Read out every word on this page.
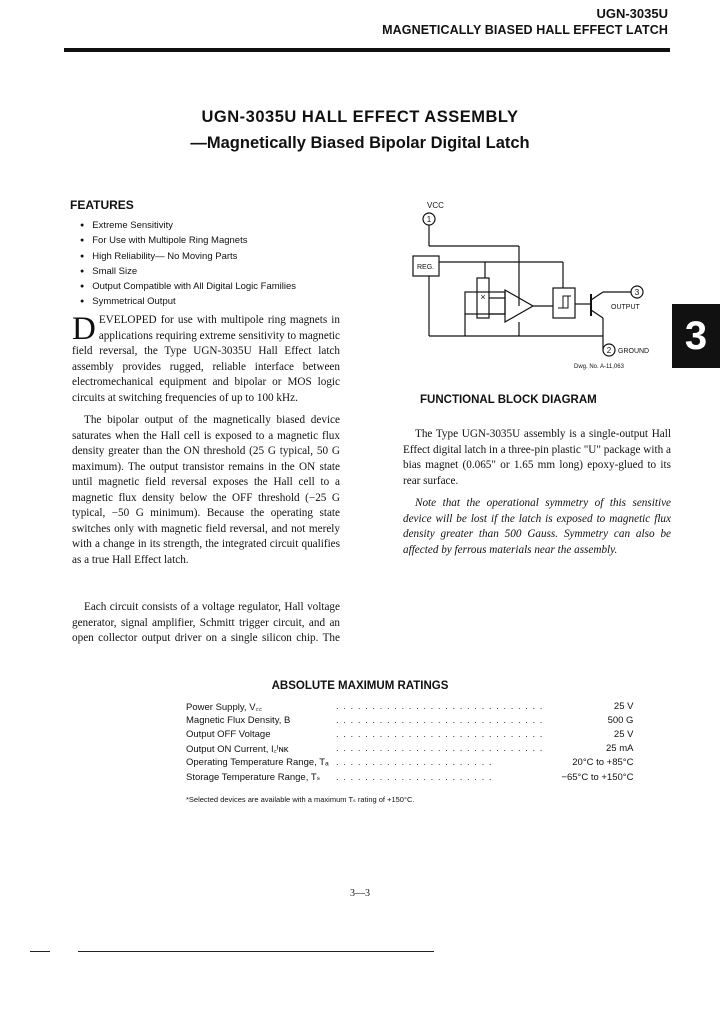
UGN-3035U
MAGNETICALLY BIASED HALL EFFECT LATCH
UGN-3035U HALL EFFECT ASSEMBLY
—Magnetically Biased Bipolar Digital Latch
FEATURES
● Extreme Sensitivity
● For Use with Multipole Ring Magnets
● High Reliability— No Moving Parts
● Small Size
● Output Compatible with All Digital Logic Families
● Symmetrical Output
3
VCC
1
REG.
×	3
OUTPUT
2 GROUND
Dwg. No. A-11,063
FUNCTIONAL BLOCK DIAGRAM

DEVELOPED for use with multipole ring magnets in applications requiring extreme sensitivity to magnetic field reversal, the Type UGN-3035U Hall Effect latch assembly provides rugged, reliable interface between electromechanical equipment and bipolar or MOS logic circuits at switching frequencies of up to 100 kHz.

The bipolar output of the magnetically biased device saturates when the Hall cell is exposed to a magnetic flux density greater than the ON threshold (25 G typical, 50 G maximum). The output transistor remains in the ON state until magnetic field reversal exposes the Hall cell to a magnetic flux density below the OFF threshold (−25 G typical, −50 G minimum). Because the operating state switches only with magnetic field reversal, and not merely with a change in its strength, the integrated circuit qualifies as a true Hall Effect latch.

The Type UGN-3035U assembly is a single-output Hall Effect digital latch in a three-pin plastic "U" package with a bias magnet (0.065" or 1.65 mm long) epoxy-glued to its rear surface.

Note that the operational symmetry of this sensitive device will be lost if the latch is exposed to magnetic flux density greater than 500 Gauss. Symmetry can also be affected by ferrous materials near the assembly.

Each circuit consists of a voltage regulator, Hall voltage generator, signal amplifier, Schmitt trigger circuit, and an open collector output driver on a single silicon chip. The

ABSOLUTE MAXIMUM RATINGS
Power Supply, V꜀꜀	. . . . . . . . . . . . . . . . . . . . . . . . . . . . .	25 V
Magnetic Flux Density, B	. . . . . . . . . . . . . . . . . . . . . . . . . . . . .	500 G
Output OFF Voltage	. . . . . . . . . . . . . . . . . . . . . . . . . . . . .	25 V
Output ON Current, I꜀ᴵɴᴋ	. . . . . . . . . . . . . . . . . . . . . . . . . . . . .	25 mA
Operating Temperature Range, Tₐ	. . . . . . . . . . . . . . . . . . . . . .	20°C to +85°C
Storage Temperature Range, Tₛ	. . . . . . . . . . . . . . . . . . . . . .	−65°C to +150°C
*Selected devices are available with a maximum Tₛ rating of +150°C.
3—3
